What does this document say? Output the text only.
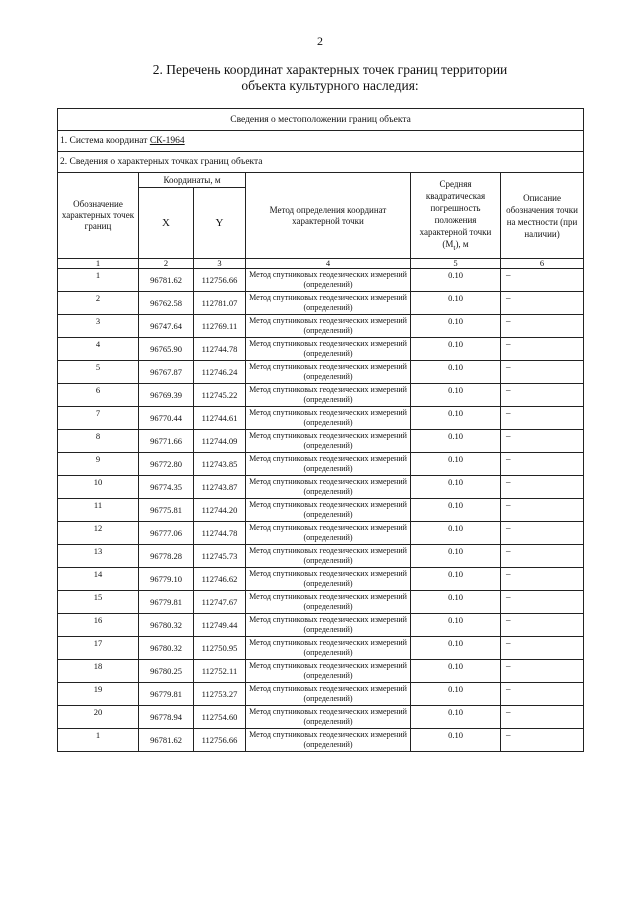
2
2. Перечень координат характерных точек границ территории
объекта культурного наследия:
Сведения о местоположении границ объекта					
1. Система координат СК-1964					
2. Сведения о характерных точках границ объекта					
Обозначение характерных точек границ	Координаты, м		Метод определения координат характерной точки	Средняя квадратическая погрешность положения характерной точки $(M_t)$, м	Описание обозначения точки на местности (при наличии)
	X	Y			
1	2	3	4	5	6
1	96781.62	112756.66	Метод спутниковых геодезических измерений (определений)	0.10	–
2	96762.58	112781.07	Метод спутниковых геодезических измерений (определений)	0.10	–
3	96747.64	112769.11	Метод спутниковых геодезических измерений (определений)	0.10	–
4	96765.90	112744.78	Метод спутниковых геодезических измерений (определений)	0.10	–
5	96767.87	112746.24	Метод спутниковых геодезических измерений (определений)	0.10	–
6	96769.39	112745.22	Метод спутниковых геодезических измерений (определений)	0.10	–
7	96770.44	112744.61	Метод спутниковых геодезических измерений (определений)	0.10	–
8	96771.66	112744.09	Метод спутниковых геодезических измерений (определений)	0.10	–
9	96772.80	112743.85	Метод спутниковых геодезических измерений (определений)	0.10	–
10	96774.35	112743.87	Метод спутниковых геодезических измерений (определений)	0.10	–
11	96775.81	112744.20	Метод спутниковых геодезических измерений (определений)	0.10	–
12	96777.06	112744.78	Метод спутниковых геодезических измерений (определений)	0.10	–
13	96778.28	112745.73	Метод спутниковых геодезических измерений (определений)	0.10	–
14	96779.10	112746.62	Метод спутниковых геодезических измерений (определений)	0.10	–
15	96779.81	112747.67	Метод спутниковых геодезических измерений (определений)	0.10	–
16	96780.32	112749.44	Метод спутниковых геодезических измерений (определений)	0.10	–
17	96780.32	112750.95	Метод спутниковых геодезических измерений (определений)	0.10	–
18	96780.25	112752.11	Метод спутниковых геодезических измерений (определений)	0.10	–
19	96779.81	112753.27	Метод спутниковых геодезических измерений (определений)	0.10	–
20	96778.94	112754.60	Метод спутниковых геодезических измерений (определений)	0.10	–
1	96781.62	112756.66	Метод спутниковых геодезических измерений (определений)	0.10	–
